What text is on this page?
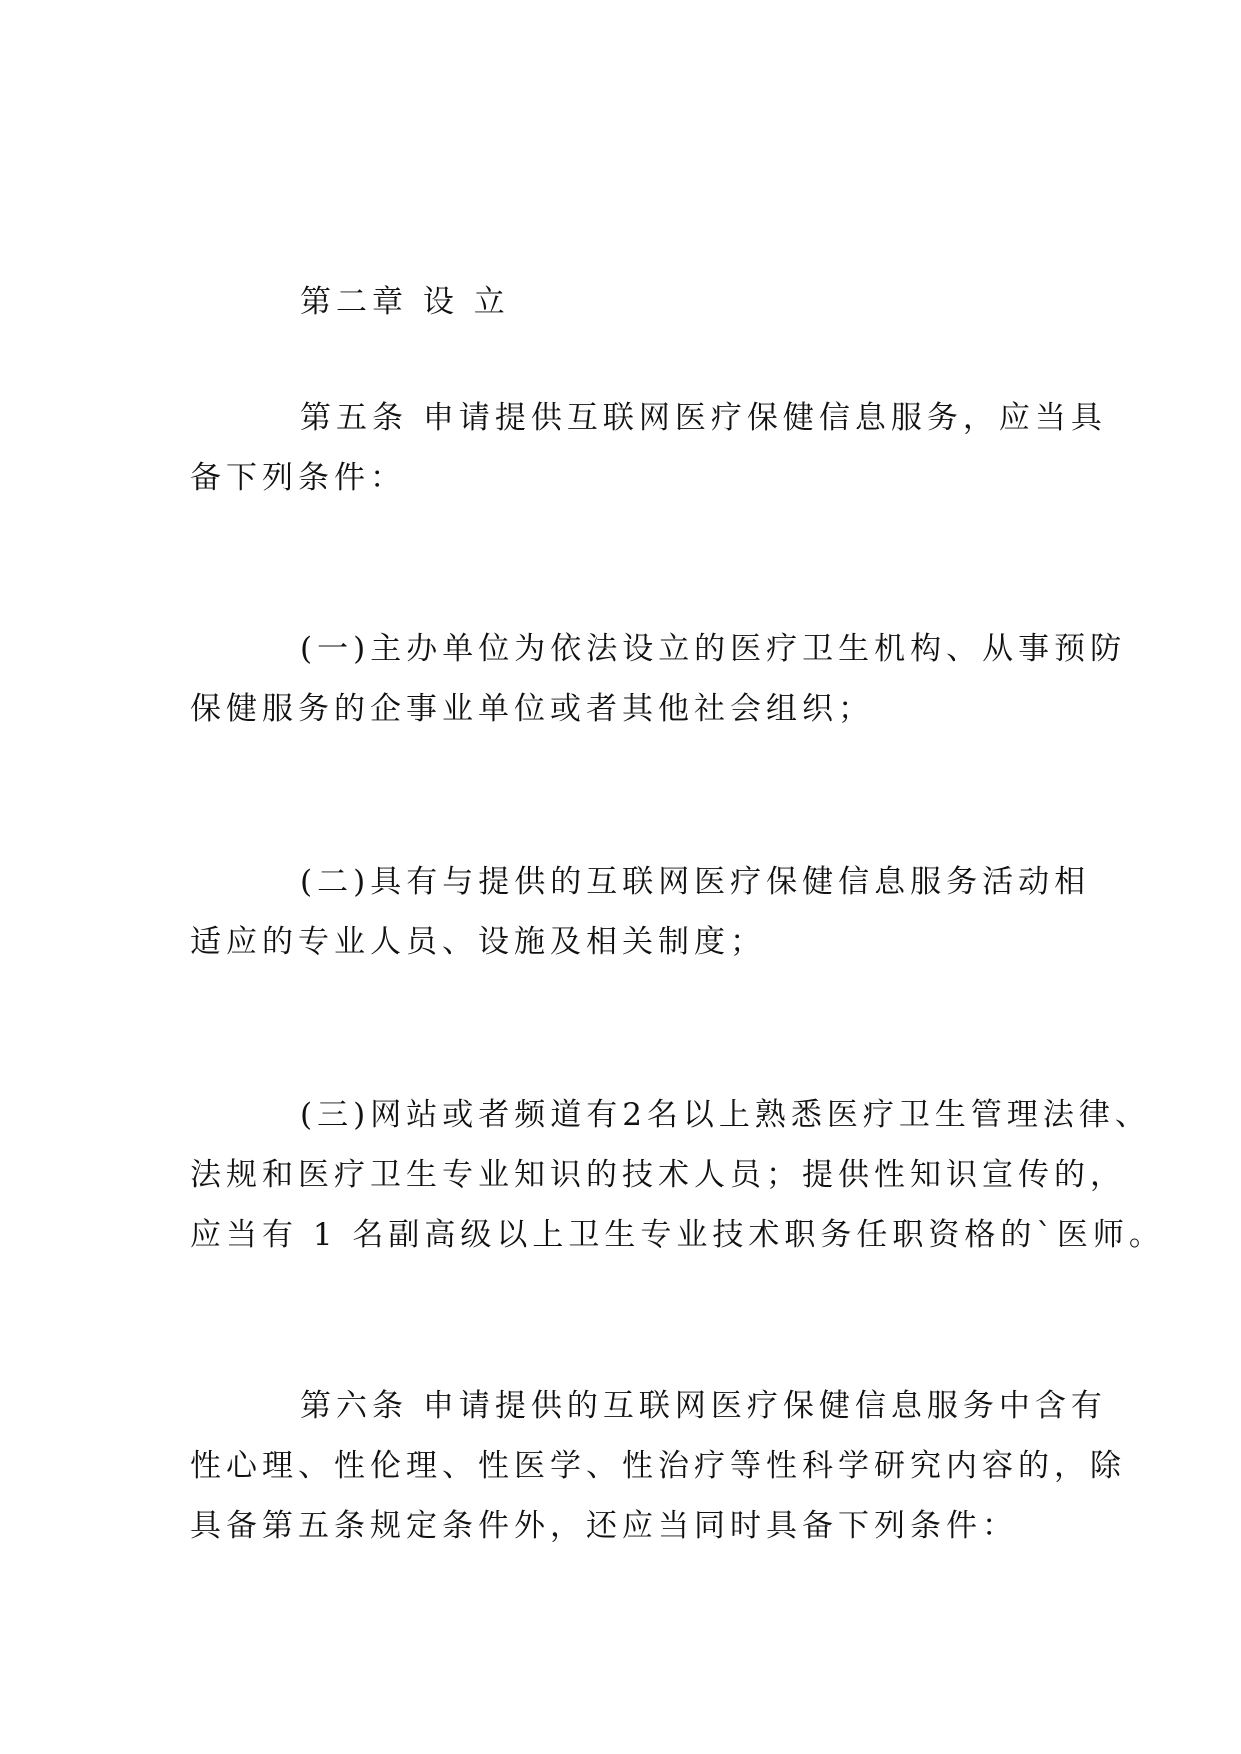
第二章 设 立

第五条 申请提供互联网医疗保健信息服务，应当具

备下列条件：

(一)主办单位为依法设立的医疗卫生机构、从事预防

保健服务的企事业单位或者其他社会组织；

(二)具有与提供的互联网医疗保健信息服务活动相

适应的专业人员、设施及相关制度；

(三)网站或者频道有2名以上熟悉医疗卫生管理法律、

法规和医疗卫生专业知识的技术人员；提供性知识宣传的，

应当有 1 名副高级以上卫生专业技术职务任职资格的`医师。

第六条 申请提供的互联网医疗保健信息服务中含有

性心理、性伦理、性医学、性治疗等性科学研究内容的，除

具备第五条规定条件外，还应当同时具备下列条件：
